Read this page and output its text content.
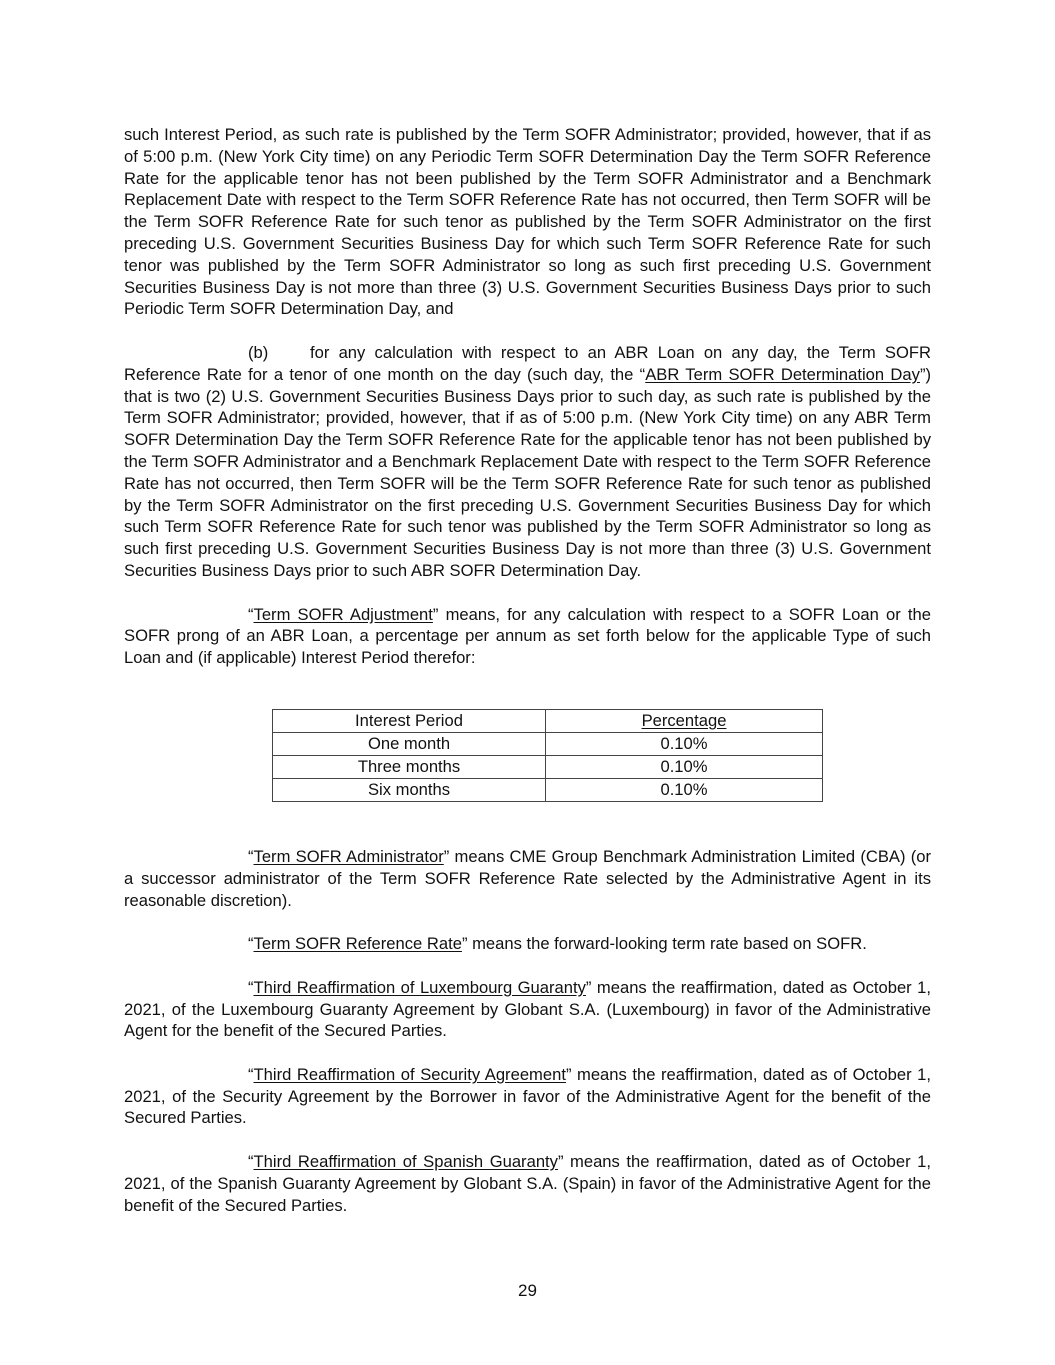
such Interest Period, as such rate is published by the Term SOFR Administrator; provided, however, that if as of 5:00 p.m. (New York City time) on any Periodic Term SOFR Determination Day the Term SOFR Reference Rate for the applicable tenor has not been published by the Term SOFR Administrator and a Benchmark Replacement Date with respect to the Term SOFR Reference Rate has not occurred, then Term SOFR will be the Term SOFR Reference Rate for such tenor as published by the Term SOFR Administrator on the first preceding U.S. Government Securities Business Day for which such Term SOFR Reference Rate for such tenor was published by the Term SOFR Administrator so long as such first preceding U.S. Government Securities Business Day is not more than three (3) U.S. Government Securities Business Days prior to such Periodic Term SOFR Determination Day, and

(b)	for any calculation with respect to an ABR Loan on any day, the Term SOFR Reference Rate for a tenor of one month on the day (such day, the “ABR Term SOFR Determination Day”) that is two (2) U.S. Government Securities Business Days prior to such day, as such rate is published by the Term SOFR Administrator; provided, however, that if as of 5:00 p.m. (New York City time) on any ABR Term SOFR Determination Day the Term SOFR Reference Rate for the applicable tenor has not been published by the Term SOFR Administrator and a Benchmark Replacement Date with respect to the Term SOFR Reference Rate has not occurred, then Term SOFR will be the Term SOFR Reference Rate for such tenor as published by the Term SOFR Administrator on the first preceding U.S. Government Securities Business Day for which such Term SOFR Reference Rate for such tenor was published by the Term SOFR Administrator so long as such first preceding U.S. Government Securities Business Day is not more than three (3) U.S. Government Securities Business Days prior to such ABR SOFR Determination Day.

“Term SOFR Adjustment” means, for any calculation with respect to a SOFR Loan or the SOFR prong of an ABR Loan, a percentage per annum as set forth below for the applicable Type of such Loan and (if applicable) Interest Period therefor:

Interest Period	Percentage
One month	0.10%
Three months	0.10%
Six months	0.10%

“Term SOFR Administrator” means CME Group Benchmark Administration Limited (CBA) (or a successor administrator of the Term SOFR Reference Rate selected by the Administrative Agent in its reasonable discretion).

“Term SOFR Reference Rate” means the forward-looking term rate based on SOFR.

“Third Reaffirmation of Luxembourg Guaranty” means the reaffirmation, dated as October 1, 2021, of the Luxembourg Guaranty Agreement by Globant S.A. (Luxembourg) in favor of the Administrative Agent for the benefit of the Secured Parties.

“Third Reaffirmation of Security Agreement” means the reaffirmation, dated as of October 1, 2021, of the Security Agreement by the Borrower in favor of the Administrative Agent for the benefit of the Secured Parties.

“Third Reaffirmation of Spanish Guaranty” means the reaffirmation, dated as of October 1, 2021, of the Spanish Guaranty Agreement by Globant S.A. (Spain) in favor of the Administrative Agent for the benefit of the Secured Parties.

29
